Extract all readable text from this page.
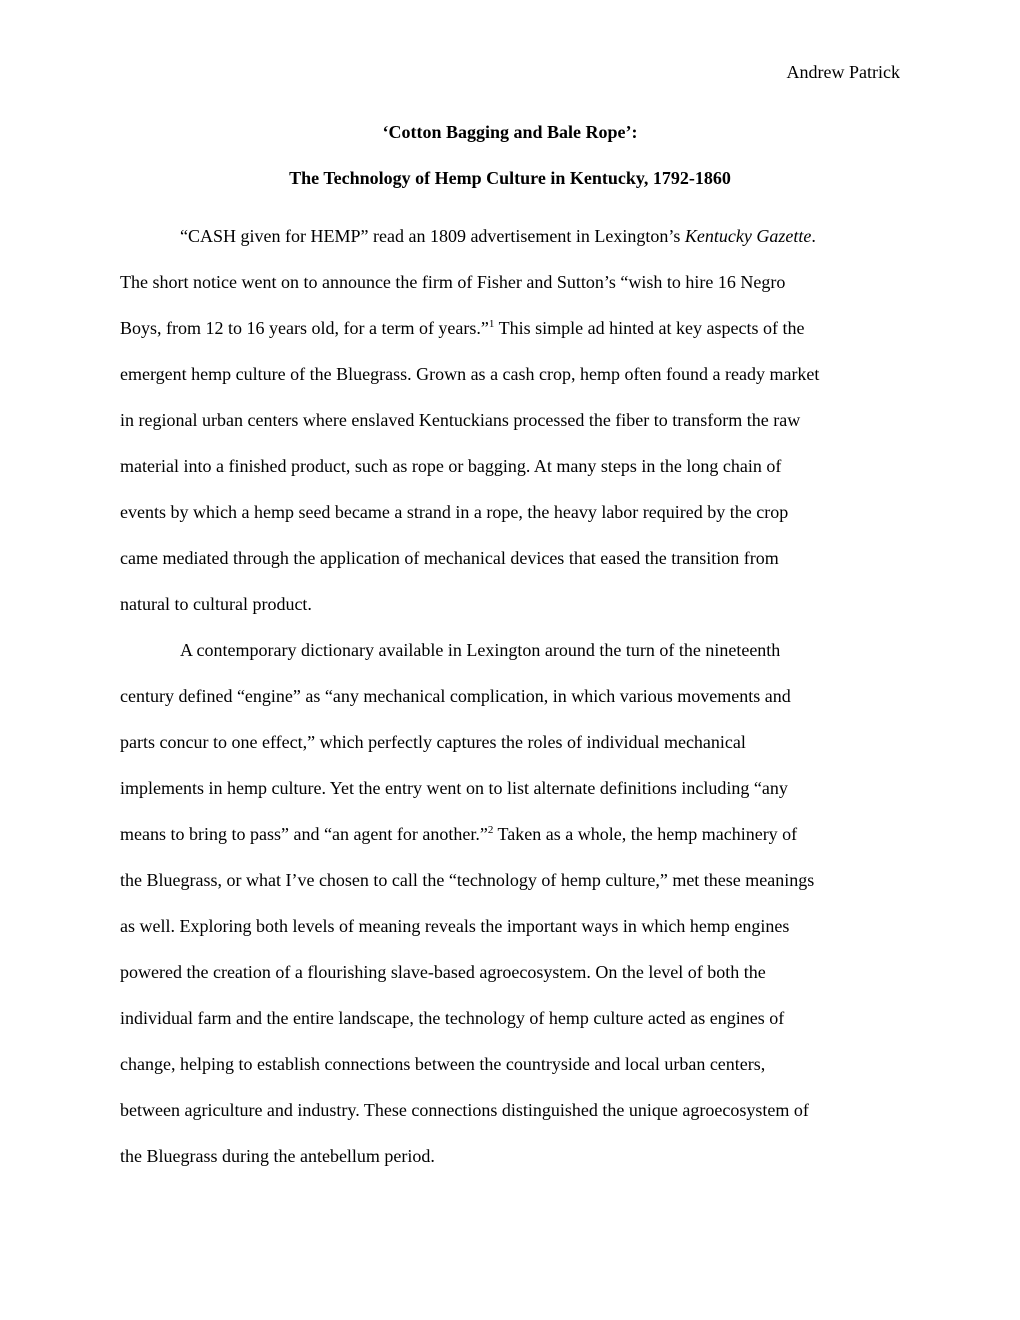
Andrew Patrick

‘Cotton Bagging and Bale Rope’:

The Technology of Hemp Culture in Kentucky, 1792-1860

“CASH given for HEMP” read an 1809 advertisement in Lexington’s Kentucky Gazette.
The short notice went on to announce the firm of Fisher and Sutton’s “wish to hire 16 Negro
Boys, from 12 to 16 years old, for a term of years.”$^1$ This simple ad hinted at key aspects of the
emergent hemp culture of the Bluegrass. Grown as a cash crop, hemp often found a ready market
in regional urban centers where enslaved Kentuckians processed the fiber to transform the raw
material into a finished product, such as rope or bagging. At many steps in the long chain of
events by which a hemp seed became a strand in a rope, the heavy labor required by the crop
came mediated through the application of mechanical devices that eased the transition from
natural to cultural product.

A contemporary dictionary available in Lexington around the turn of the nineteenth
century defined “engine” as “any mechanical complication, in which various movements and
parts concur to one effect,” which perfectly captures the roles of individual mechanical
implements in hemp culture. Yet the entry went on to list alternate definitions including “any
means to bring to pass” and “an agent for another.”$^2$ Taken as a whole, the hemp machinery of
the Bluegrass, or what I’ve chosen to call the “technology of hemp culture,” met these meanings
as well. Exploring both levels of meaning reveals the important ways in which hemp engines
powered the creation of a flourishing slave-based agroecosystem. On the level of both the
individual farm and the entire landscape, the technology of hemp culture acted as engines of
change, helping to establish connections between the countryside and local urban centers,
between agriculture and industry. These connections distinguished the unique agroecosystem of
the Bluegrass during the antebellum period.
